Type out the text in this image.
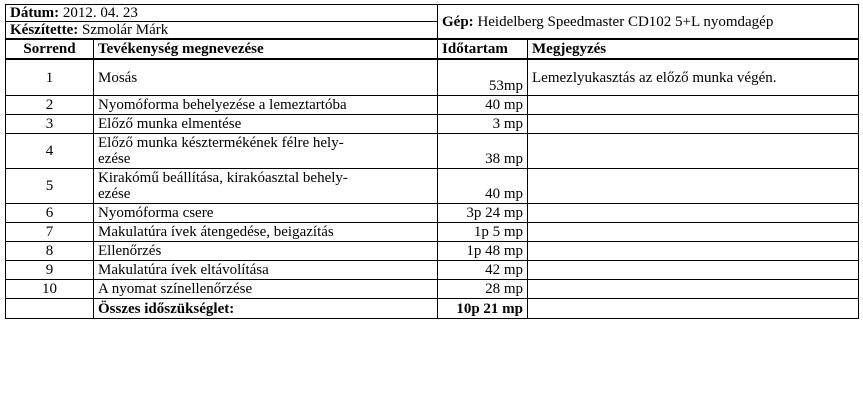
Dátum: 2012. 04. 23		Gép: Heidelberg Speedmaster CD102 5+L nyomdagép	
Készítette: Szmolár Márk			
Sorrend	Tevékenység megnevezése	Időtartam	Megjegyzés
1	Mosás	53mp	Lemezlyukasztás az előző munka végén.
2	Nyomóforma behelyezése a lemeztartóba	40 mp	
3	Előző munka elmentése	3 mp	
4	Előző munka késztermékének félre hely-
ezése	38 mp	
5	Kirakómű beállítása, kirakóasztal behely-
ezése	40 mp	
6	Nyomóforma csere	3p 24 mp	
7	Makulatúra ívek átengedése, beigazítás	1p 5 mp	
8	Ellenőrzés	1p 48 mp	
9	Makulatúra ívek eltávolítása	42 mp	
10	A nyomat színellenőrzése	28 mp	
	Összes időszükséglet:	10p 21 mp	
